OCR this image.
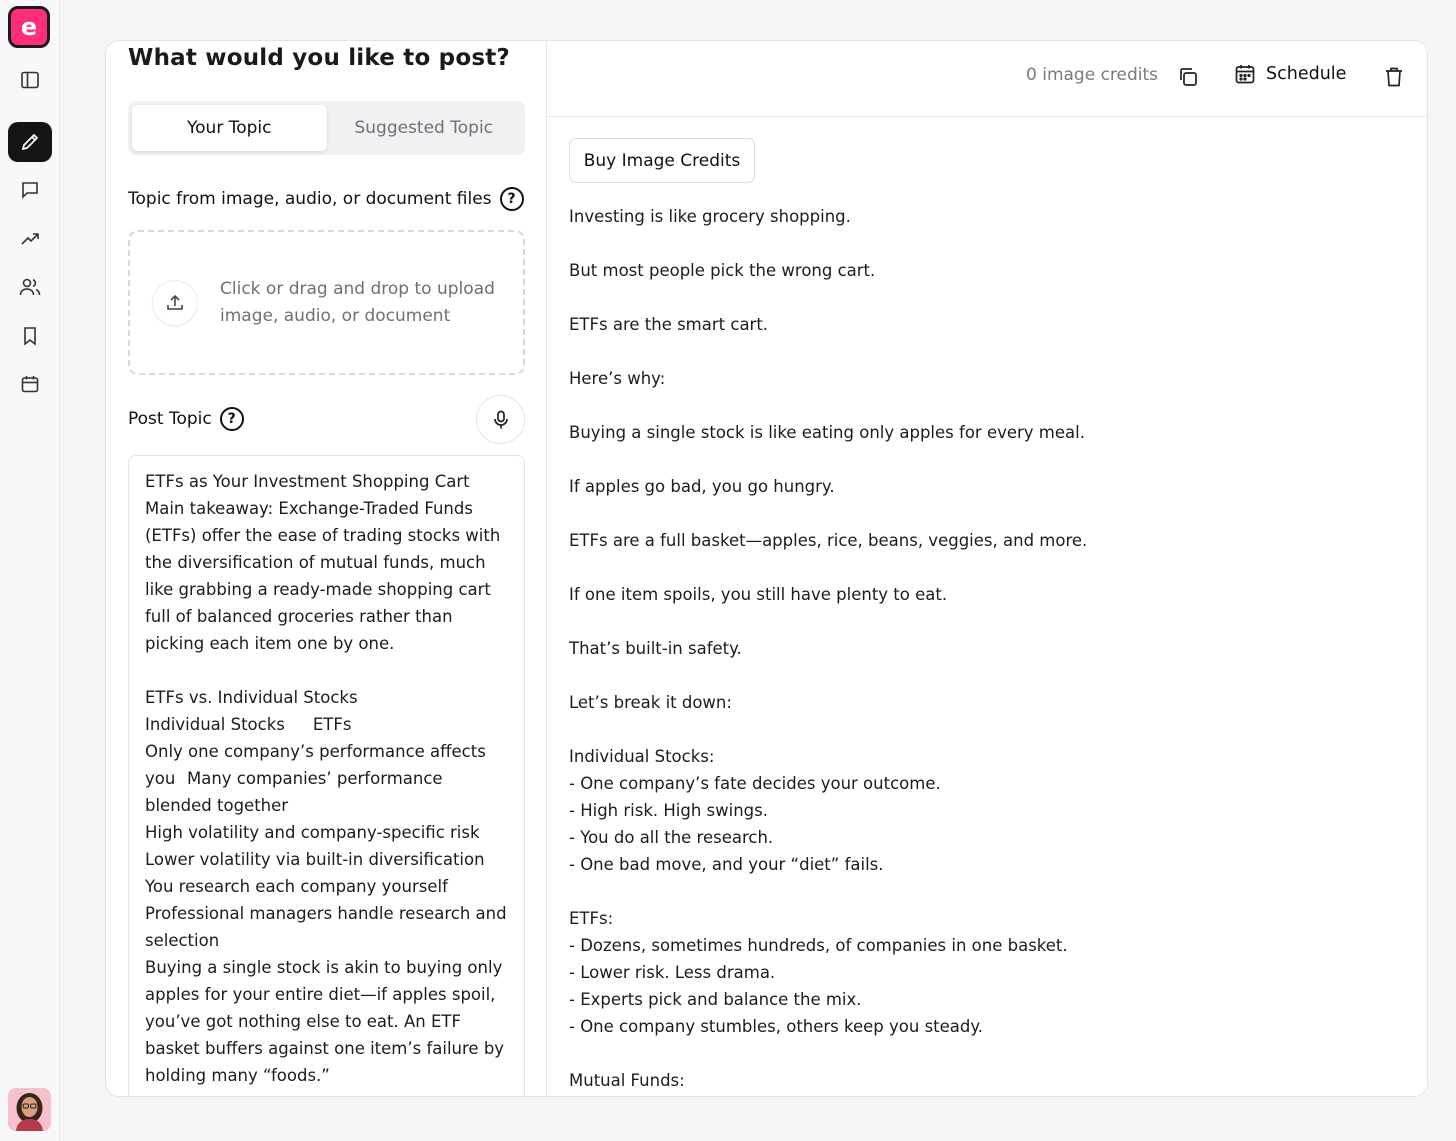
e
What would you like to post?
Your Topic	Suggested Topic
Topic from image, audio, or document files	?
Click or drag and drop to upload
image, audio, or document
Post Topic	?
ETFs as Your Investment Shopping Cart
Main takeaway: Exchange-Traded Funds (ETFs) offer the ease of trading stocks with the diversification of mutual funds, much like grabbing a ready-made shopping cart full of balanced groceries rather than picking each item one by one.

ETFs vs. Individual Stocks
Individual Stocks	ETFs
Only one company’s performance affects you	Many companies’ performance blended together
High volatility and company-specific risk	Lower volatility via built-in diversification
You research each company yourself	Professional managers handle research and selection
Buying a single stock is akin to buying only apples for your entire diet—if apples spoil, you’ve got nothing else to eat. An ETF basket buffers against one item’s failure by holding many “foods.”
0 image credits	Schedule
Buy Image Credits

Investing is like grocery shopping.

But most people pick the wrong cart.

ETFs are the smart cart.

Here’s why:

Buying a single stock is like eating only apples for every meal.

If apples go bad, you go hungry.

ETFs are a full basket—apples, rice, beans, veggies, and more.

If one item spoils, you still have plenty to eat.

That’s built-in safety.

Let’s break it down:

Individual Stocks:

- One company’s fate decides your outcome.

- High risk. High swings.

- You do all the research.

- One bad move, and your “diet” fails.

ETFs:

- Dozens, sometimes hundreds, of companies in one basket.

- Lower risk. Less drama.

- Experts pick and balance the mix.

- One company stumbles, others keep you steady.

Mutual Funds:
